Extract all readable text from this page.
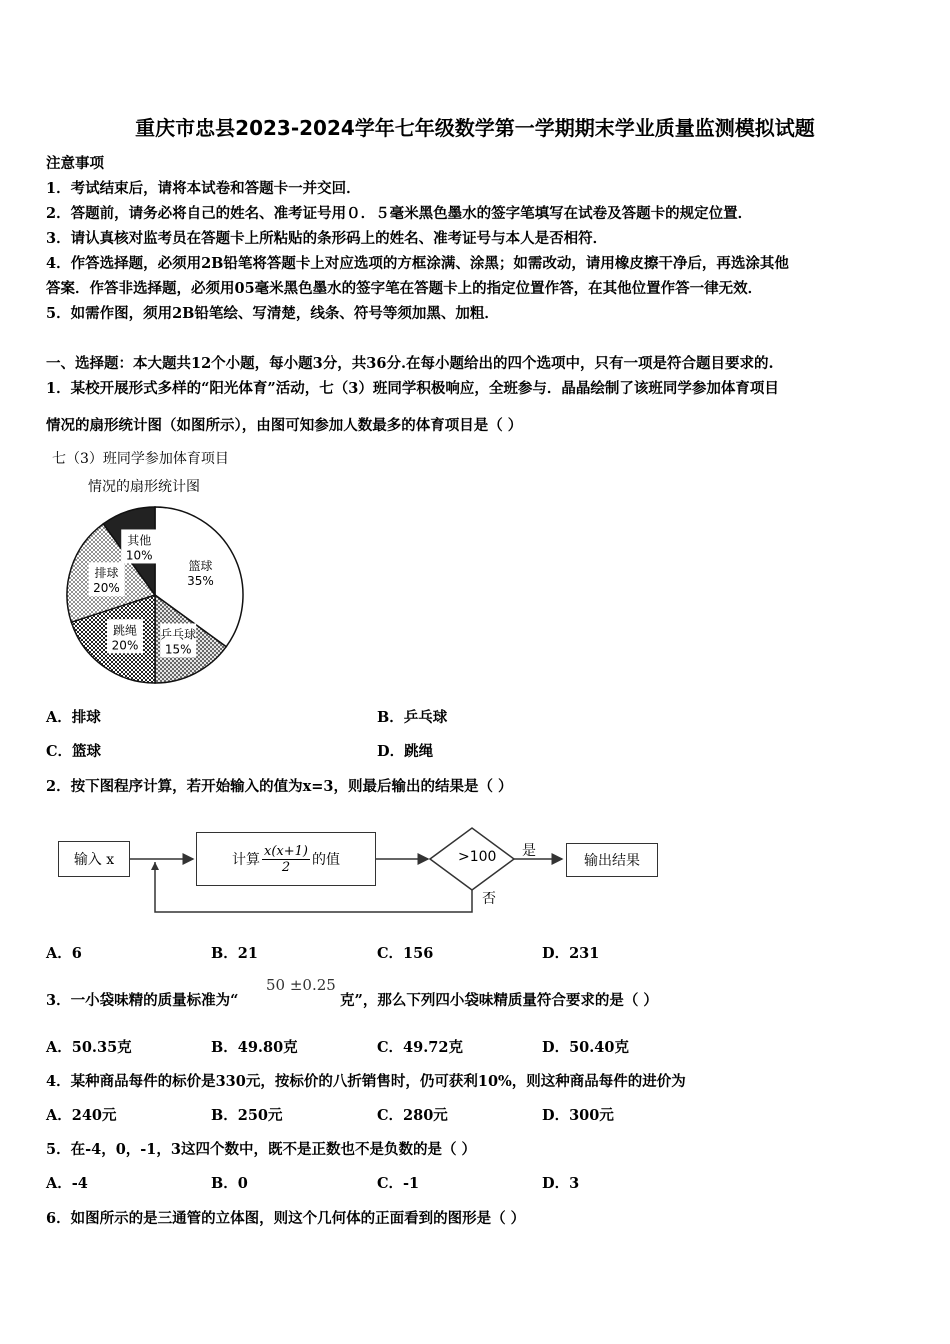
重庆市忠县2023-2024学年七年级数学第一学期期末学业质量监测模拟试题
注意事项
1．考试结束后，请将本试卷和答题卡一并交回．
2．答题前，请务必将自己的姓名、准考证号用０．５毫米黑色墨水的签字笔填写在试卷及答题卡的规定位置．
3．请认真核对监考员在答题卡上所粘贴的条形码上的姓名、准考证号与本人是否相符．
4．作答选择题，必须用2B铅笔将答题卡上对应选项的方框涂满、涂黑；如需改动，请用橡皮擦干净后，再选涂其他
答案．作答非选择题，必须用05毫米黑色墨水的签字笔在答题卡上的指定位置作答，在其他位置作答一律无效．
5．如需作图，须用2B铅笔绘、写清楚，线条、符号等须加黑、加粗．
一、选择题：本大题共12个小题，每小题3分，共36分.在每小题给出的四个选项中，只有一项是符合题目要求的.
1．某校开展形式多样的“阳光体育”活动，七（3）班同学积极响应，全班参与．晶晶绘制了该班同学参加体育项目
情况的扇形统计图（如图所示），由图可知参加人数最多的体育项目是（ ）
七（3）班同学参加体育项目
情况的扇形统计图
篮球
35%
乒乓球
15%
跳绳
20%
排球
20%
其他
10%
A．排球	B．乒乓球
C．篮球	D．跳绳
2．按下图程序计算，若开始输入的值为x=3，则最后输出的结果是（ ）
输入 x	计算 $\frac{x(x+1)}{2}$ 的值	>100 是
否
输出结果
A．6	B．21	C．156	D．231
3．一小袋味精的质量标准为“
50 ±0.25
克”，那么下列四小袋味精质量符合要求的是（ ）
A．50.35克	B．49.80克	C．49.72克	D．50.40克
4．某种商品每件的标价是330元，按标价的八折销售时，仍可获利10%，则这种商品每件的进价为
A．240元	B．250元	C．280元	D．300元
5．在-4，0，-1，3这四个数中，既不是正数也不是负数的是（ ）
A．-4	B．0	C．-1	D．3
6．如图所示的是三通管的立体图，则这个几何体的正面看到的图形是（ ）
